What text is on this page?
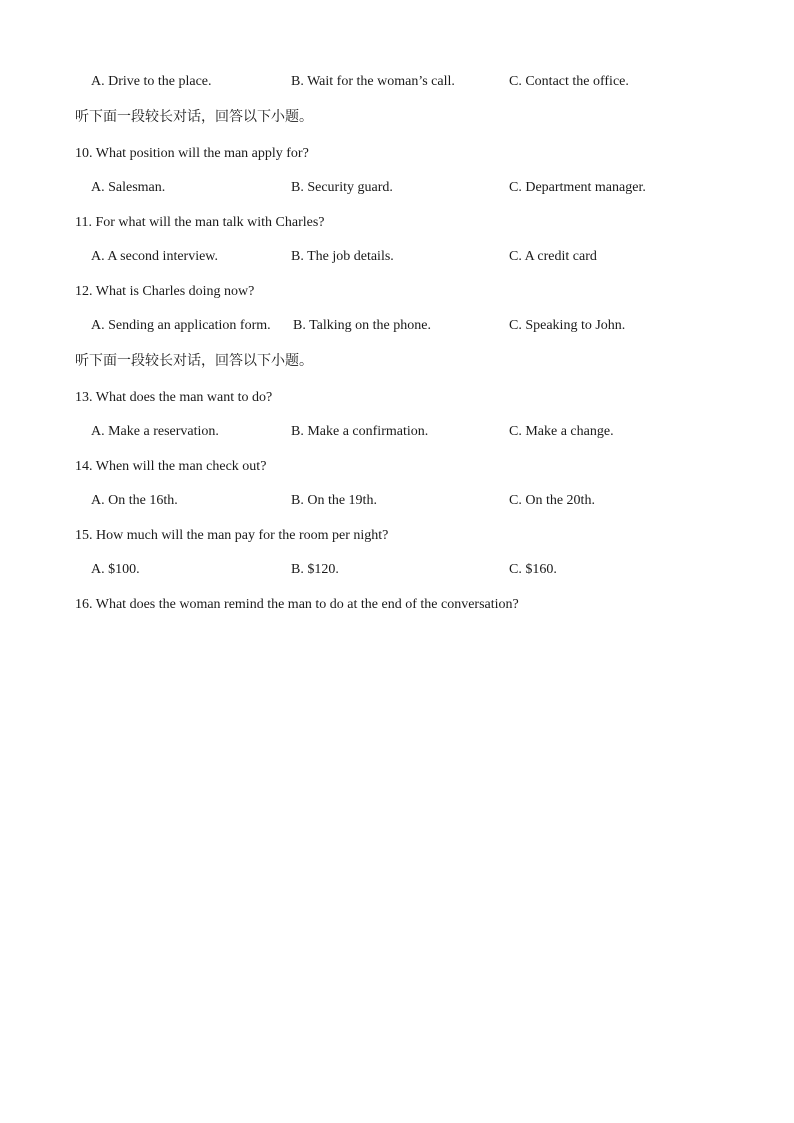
A. Drive to the place.	B. Wait for the woman’s call.	C. Contact the office.
听下面一段较长对话，回答以下小题。
10. What position will the man apply for?
A. Salesman.	B. Security guard.	C. Department manager.
11. For what will the man talk with Charles?
A. A second interview.	B. The job details.	C. A credit card
12. What is Charles doing now?
A. Sending an application form. B. Talking on the phone.	C. Speaking to John.
听下面一段较长对话，回答以下小题。
13. What does the man want to do?
A. Make a reservation.	B. Make a confirmation.	C. Make a change.
14. When will the man check out?
A. On the 16th.	B. On the 19th.	C. On the 20th.
15. How much will the man pay for the room per night?
A. $100.	B. $120.	C. $160.
16. What does the woman remind the man to do at the end of the conversation?
